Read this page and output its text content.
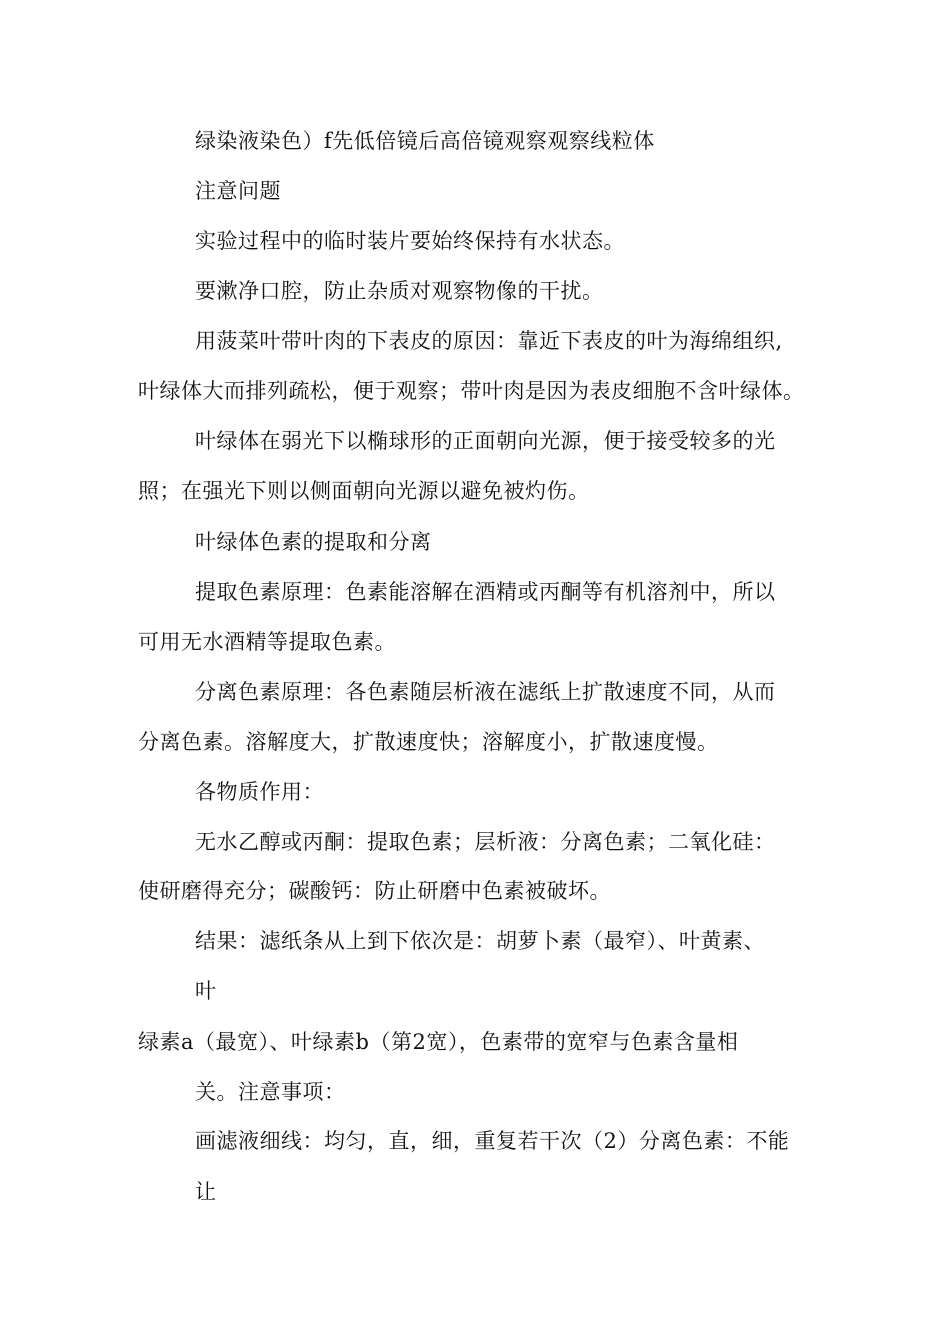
绿染液染色）f先低倍镜后高倍镜观察观察线粒体
注意问题
实验过程中的临时装片要始终保持有水状态。
要漱净口腔，防止杂质对观察物像的干扰。
用菠菜叶带叶肉的下表皮的原因：靠近下表皮的叶为海绵组织,
叶绿体大而排列疏松，便于观察；带叶肉是因为表皮细胞不含叶绿体。
叶绿体在弱光下以椭球形的正面朝向光源，便于接受较多的光
照；在强光下则以侧面朝向光源以避免被灼伤。
叶绿体色素的提取和分离
提取色素原理：色素能溶解在酒精或丙酮等有机溶剂中，所以
可用无水酒精等提取色素。
分离色素原理：各色素随层析液在滤纸上扩散速度不同，从而
分离色素。溶解度大，扩散速度快；溶解度小，扩散速度慢。
各物质作用：
无水乙醇或丙酮：提取色素；层析液：分离色素；二氧化硅：
使研磨得充分；碳酸钙：防止研磨中色素被破坏。
结果：滤纸条从上到下依次是：胡萝卜素（最窄）、叶黄素、
叶
绿素a（最宽）、叶绿素b（第2宽），色素带的宽窄与色素含量相
关。注意事项：
画滤液细线：均匀，直，细，重复若干次（2）分离色素：不能
让
